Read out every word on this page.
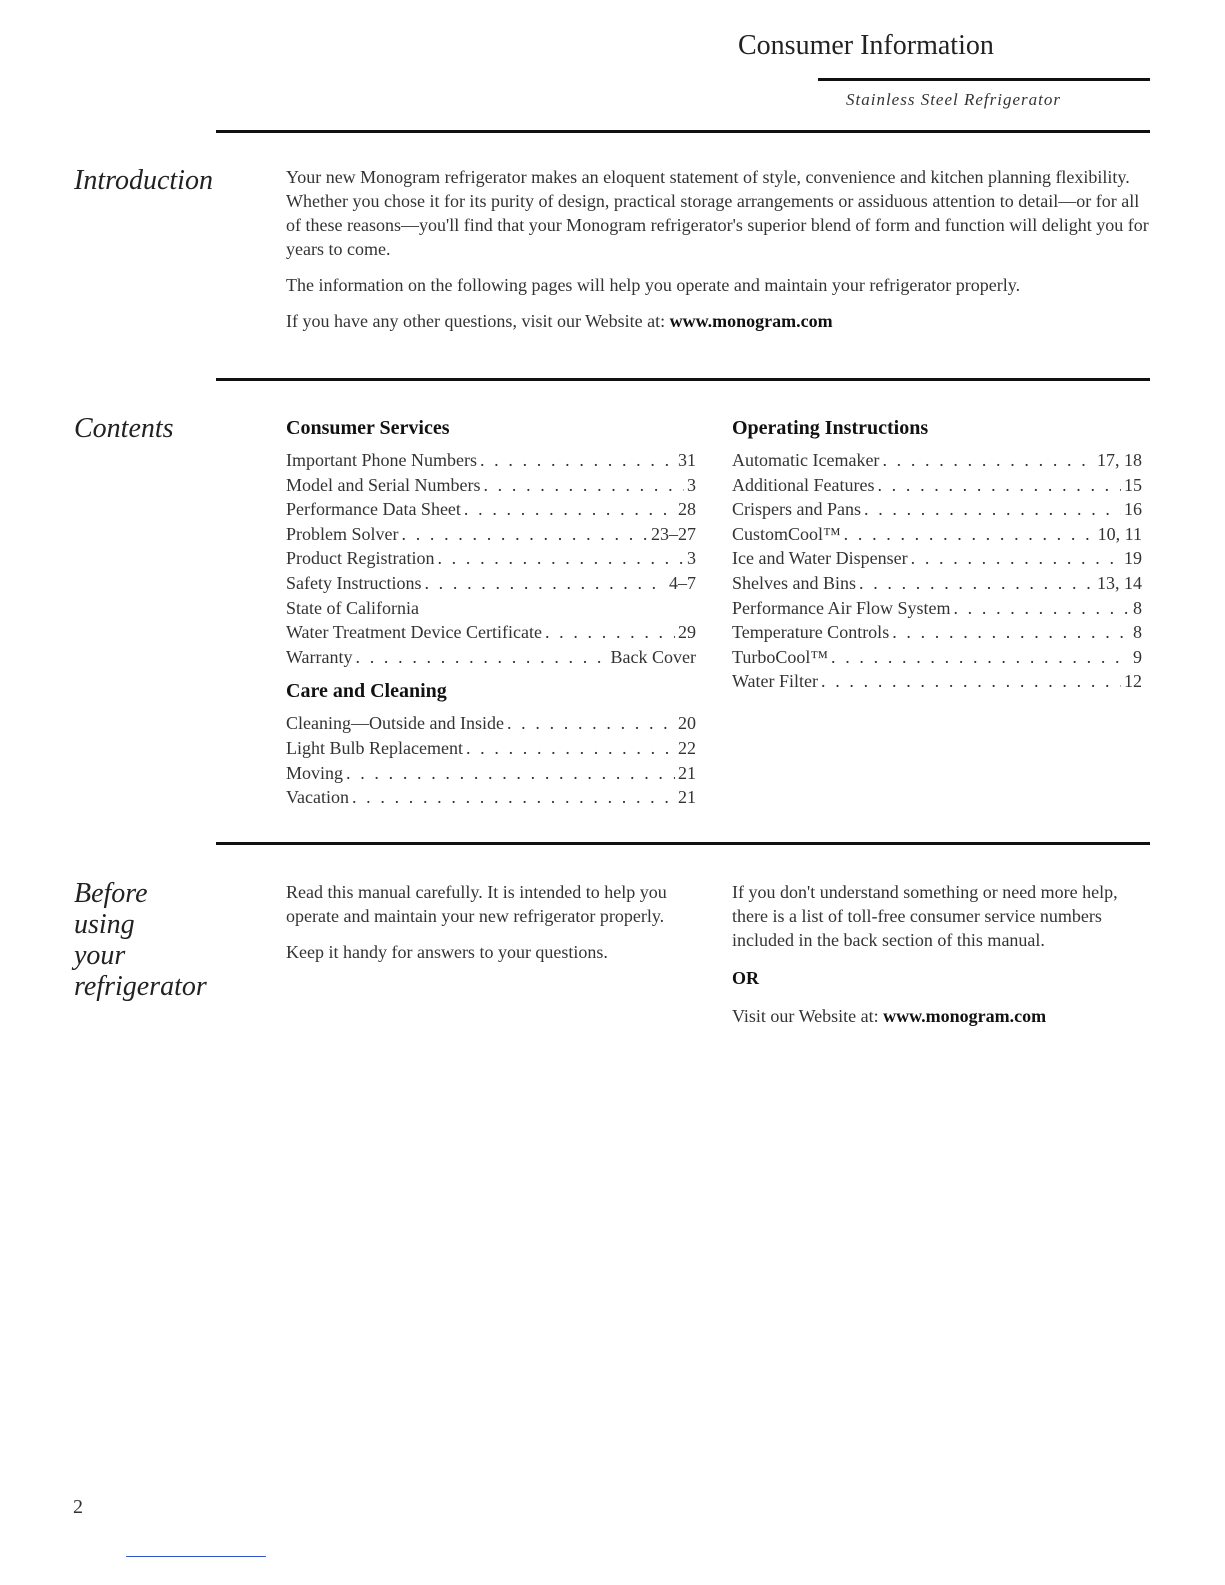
Consumer Information
Stainless Steel Refrigerator
Introduction	Your new Monogram refrigerator makes an eloquent statement of style, convenience and kitchen planning flexibility. Whether you chose it for its purity of design, practical storage arrangements or assiduous attention to detail—or for all of these reasons—you'll find that your Monogram refrigerator's superior blend of form and function will delight you for years to come.

The information on the following pages will help you operate and maintain your refrigerator properly.

If you have any other questions, visit our Website at: www.monogram.com

Contents	Consumer Services
Important Phone Numbers . . .	31
Model and Serial Numbers . . .	3
Performance Data Sheet . . .	28
Problem Solver . . .	23–27
Product Registration . . .	3
Safety Instructions . . .	4–7
State of California
Water Treatment Device Certificate . . .	29
Warranty . . .	Back Cover
Care and Cleaning
Cleaning—Outside and Inside . . .	20
Light Bulb Replacement . . .	22
Moving . . .	21
Vacation . . .	21
Operating Instructions
Automatic Icemaker . . .	17, 18
Additional Features . . .	15
Crispers and Pans . . .	16
CustomCool™ . . .	10, 11
Ice and Water Dispenser . . .	19
Shelves and Bins . . .	13, 14
Performance Air Flow System . . .	8
Temperature Controls . . .	8
TurboCool™ . . .	9
Water Filter . . .	12
Before
using
your
refrigerator

Read this manual carefully. It is intended to help you operate and maintain your new refrigerator properly.

Keep it handy for answers to your questions.

If you don't understand something or need more help, there is a list of toll-free consumer service numbers included in the back section of this manual.

OR

Visit our Website at: www.monogram.com

2
